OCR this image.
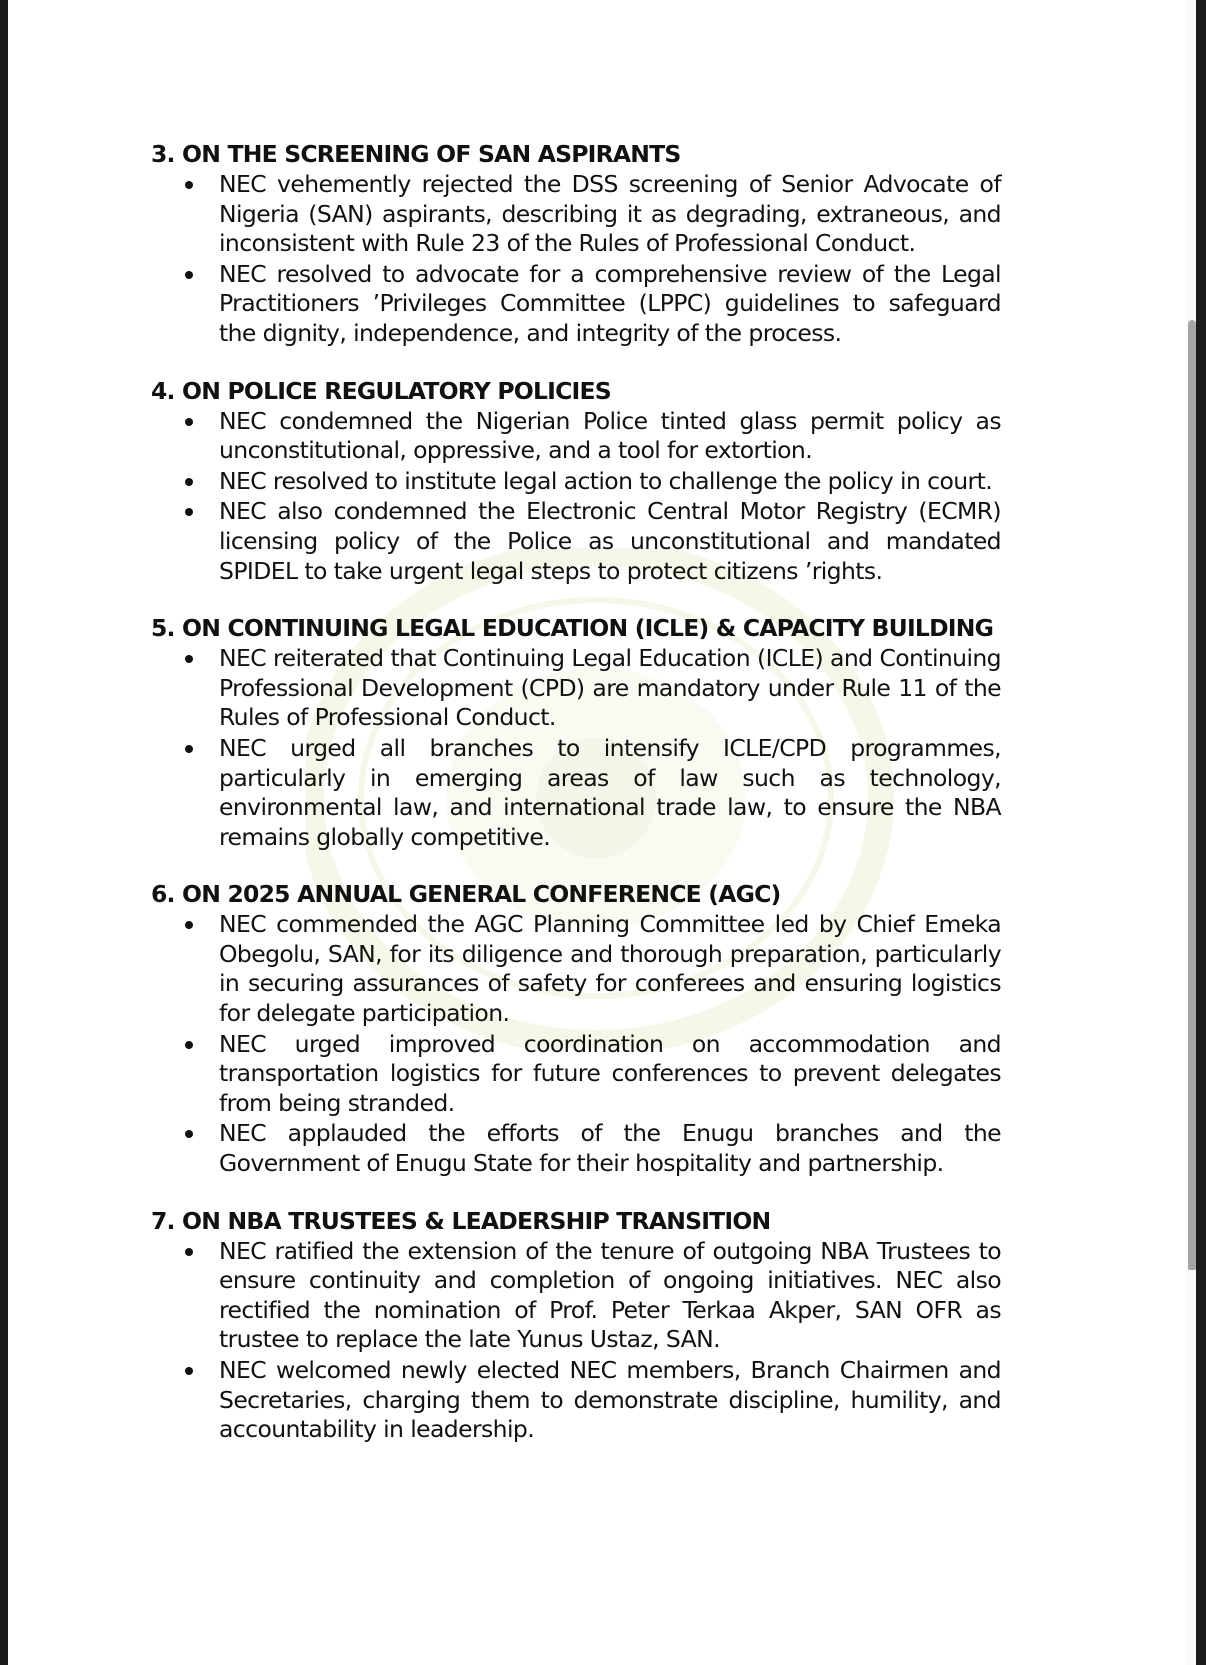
3. ON THE SCREENING OF SAN ASPIRANTS
NEC vehemently rejected the DSS screening of Senior Advocate of Nigeria (SAN) aspirants, describing it as degrading, extraneous, and inconsistent with Rule 23 of the Rules of Professional Conduct.
NEC resolved to advocate for a comprehensive review of the Legal Practitioners ’Privileges Committee (LPPC) guidelines to safeguard the dignity, independence, and integrity of the process.
4. ON POLICE REGULATORY POLICIES
NEC condemned the Nigerian Police tinted glass permit policy as unconstitutional, oppressive, and a tool for extortion.
NEC resolved to institute legal action to challenge the policy in court.
NEC also condemned the Electronic Central Motor Registry (ECMR) licensing policy of the Police as unconstitutional and mandated SPIDEL to take urgent legal steps to protect citizens ’rights.
5. ON CONTINUING LEGAL EDUCATION (ICLE) & CAPACITY BUILDING
NEC reiterated that Continuing Legal Education (ICLE) and Continuing Professional Development (CPD) are mandatory under Rule 11 of the Rules of Professional Conduct.
NEC urged all branches to intensify ICLE/CPD programmes, particularly in emerging areas of law such as technology, environmental law, and international trade law, to ensure the NBA remains globally competitive.
6. ON 2025 ANNUAL GENERAL CONFERENCE (AGC)
NEC commended the AGC Planning Committee led by Chief Emeka Obegolu, SAN, for its diligence and thorough preparation, particularly in securing assurances of safety for conferees and ensuring logistics for delegate participation.
NEC urged improved coordination on accommodation and transportation logistics for future conferences to prevent delegates from being stranded.
NEC applauded the efforts of the Enugu branches and the Government of Enugu State for their hospitality and partnership.
7. ON NBA TRUSTEES & LEADERSHIP TRANSITION
NEC ratified the extension of the tenure of outgoing NBA Trustees to ensure continuity and completion of ongoing initiatives. NEC also rectified the nomination of Prof. Peter Terkaa Akper, SAN OFR as trustee to replace the late Yunus Ustaz, SAN.
NEC welcomed newly elected NEC members, Branch Chairmen and Secretaries, charging them to demonstrate discipline, humility, and accountability in leadership.
